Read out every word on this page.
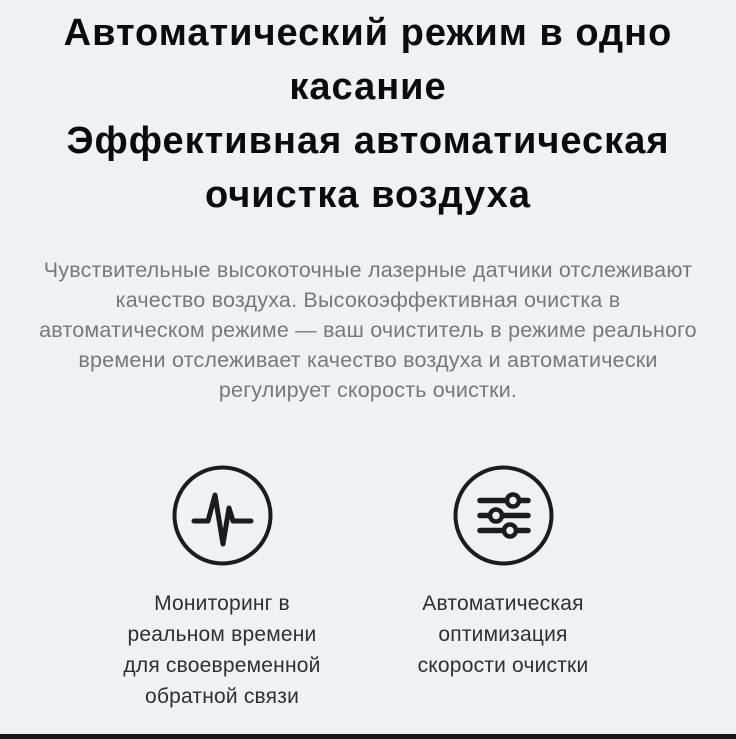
Автоматический режим в одно
касание
Эффективная автоматическая
очистка воздуха
Чувствительные высокоточные лазерные датчики отслеживают
качество воздуха. Высокоэффективная очистка в
автоматическом режиме — ваш очиститель в режиме реального
времени отслеживает качество воздуха и автоматически
регулирует скорость очистки.
Мониторинг в
реальном времени
для своевременной
обратной связи
Автоматическая
оптимизация
скорости очистки
